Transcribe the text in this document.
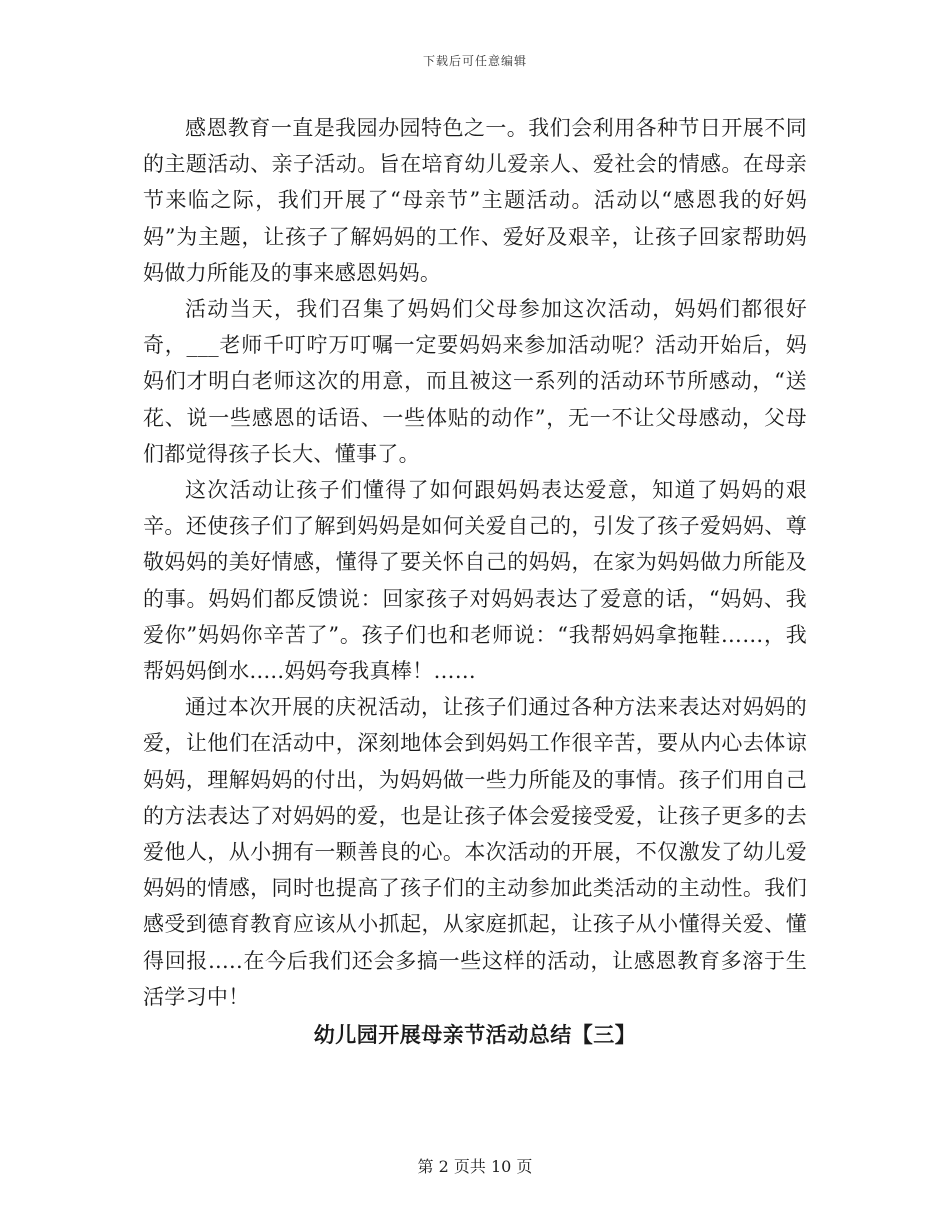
下载后可任意编辑

感恩教育一直是我园办园特色之一。我们会利用各种节日开展不同的主题活动、亲子活动。旨在培育幼儿爱亲人、爱社会的情感。在母亲节来临之际，我们开展了“母亲节”主题活动。活动以“感恩我的好妈妈”为主题，让孩子了解妈妈的工作、爱好及艰辛，让孩子回家帮助妈妈做力所能及的事来感恩妈妈。

活动当天，我们召集了妈妈们父母参加这次活动，妈妈们都很好奇，___老师千叮咛万叮嘱一定要妈妈来参加活动呢？活动开始后，妈妈们才明白老师这次的用意，而且被这一系列的活动环节所感动，“送花、说一些感恩的话语、一些体贴的动作”，无一不让父母感动，父母们都觉得孩子长大、懂事了。

这次活动让孩子们懂得了如何跟妈妈表达爱意，知道了妈妈的艰辛。还使孩子们了解到妈妈是如何关爱自己的，引发了孩子爱妈妈、尊敬妈妈的美好情感，懂得了要关怀自己的妈妈，在家为妈妈做力所能及的事。妈妈们都反馈说：回家孩子对妈妈表达了爱意的话，“妈妈、我爱你”妈妈你辛苦了”。孩子们也和老师说：“我帮妈妈拿拖鞋……，我帮妈妈倒水.....妈妈夸我真棒！……

通过本次开展的庆祝活动，让孩子们通过各种方法来表达对妈妈的爱，让他们在活动中，深刻地体会到妈妈工作很辛苦，要从内心去体谅妈妈，理解妈妈的付出，为妈妈做一些力所能及的事情。孩子们用自己的方法表达了对妈妈的爱，也是让孩子体会爱接受爱，让孩子更多的去爱他人，从小拥有一颗善良的心。本次活动的开展，不仅激发了幼儿爱妈妈的情感，同时也提高了孩子们的主动参加此类活动的主动性。我们感受到德育教育应该从小抓起，从家庭抓起，让孩子从小懂得关爱、懂得回报.....在今后我们还会多搞一些这样的活动，让感恩教育多溶于生活学习中！

幼儿园开展母亲节活动总结【三】
第 2 页共 10 页
